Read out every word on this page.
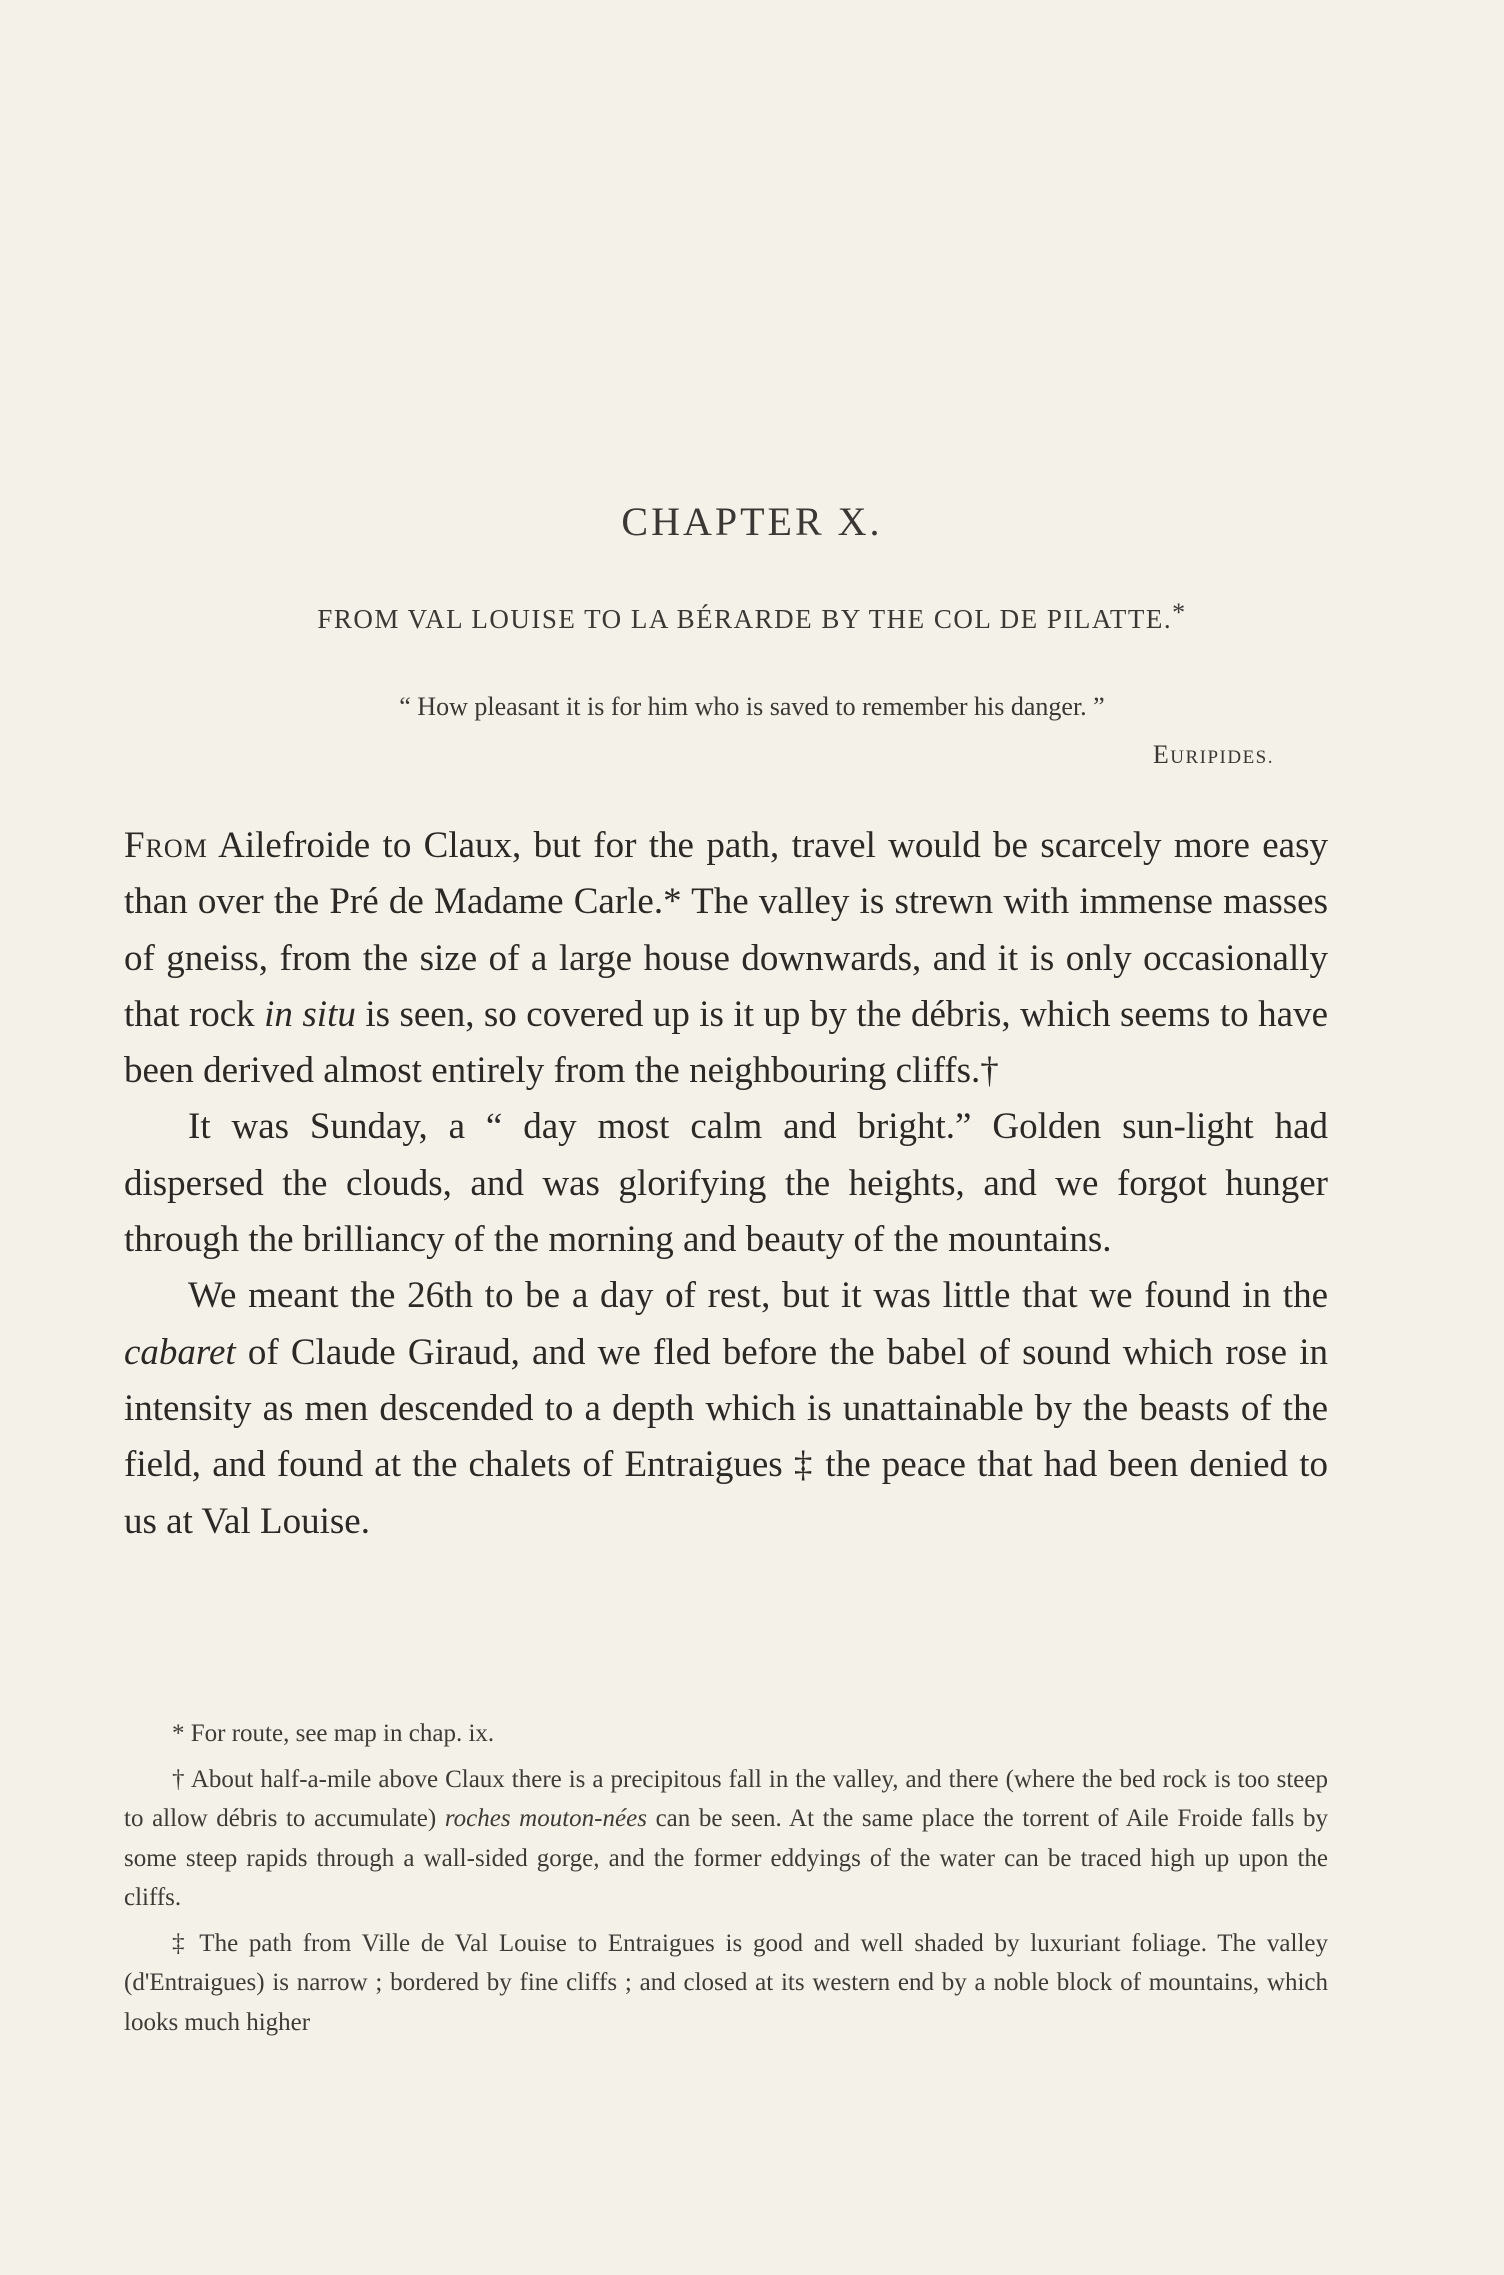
CHAPTER X.
FROM VAL LOUISE TO LA BÉRARDE BY THE COL DE PILATTE.*
“ How pleasant it is for him who is saved to remember his danger. ”
EURIPIDES.

From Ailefroide to Claux, but for the path, travel would be scarcely more easy than over the Pré de Madame Carle.* The valley is strewn with immense masses of gneiss, from the size of a large house downwards, and it is only occasionally that rock in situ is seen, so covered up is it up by the débris, which seems to have been derived almost entirely from the neighbouring cliffs.†

It was Sunday, a “ day most calm and bright.” Golden sun-light had dispersed the clouds, and was glorifying the heights, and we forgot hunger through the brilliancy of the morning and beauty of the mountains.

We meant the 26th to be a day of rest, but it was little that we found in the cabaret of Claude Giraud, and we fled before the babel of sound which rose in intensity as men descended to a depth which is unattainable by the beasts of the field, and found at the chalets of Entraigues ‡ the peace that had been denied to us at Val Louise.

* For route, see map in chap. ix.

† About half-a-mile above Claux there is a precipitous fall in the valley, and there (where the bed rock is too steep to allow débris to accumulate) roches mouton-nées can be seen. At the same place the torrent of Aile Froide falls by some steep rapids through a wall-sided gorge, and the former eddyings of the water can be traced high up upon the cliffs.

‡ The path from Ville de Val Louise to Entraigues is good and well shaded by luxuriant foliage. The valley (d'Entraigues) is narrow ; bordered by fine cliffs ; and closed at its western end by a noble block of mountains, which looks much higher
